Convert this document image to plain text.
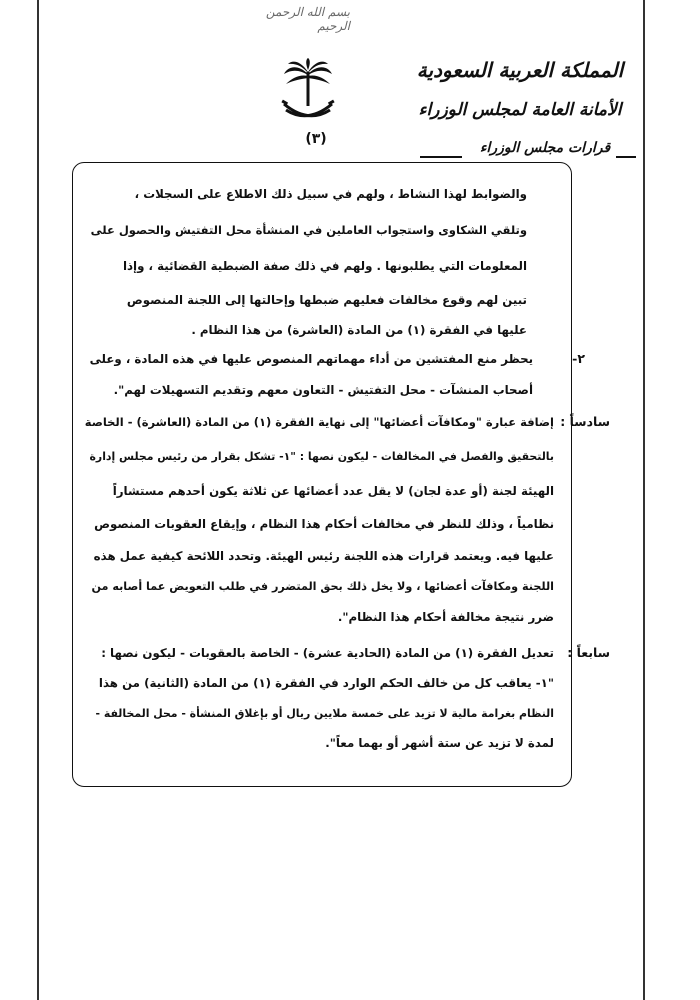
بسم الله الرحمن الرحيم
(٣)
المملكة العربية السعودية
الأمانة العامة لمجلس الوزراء
قرارات مجلس الوزراء
والضوابط لهذا النشاط ، ولهم في سبيل ذلك الاطلاع على السجلات ،
وتلقي الشكاوى واستجواب العاملين في المنشأة محل التفتيش والحصول على
المعلومات التي يطلبونها . ولهم في ذلك صفة الضبطية القضائية ، وإذا
تبين لهم وقوع مخالفات فعليهم ضبطها وإحالتها إلى اللجنة المنصوص
عليها في الفقرة (١) من المادة (العاشرة) من هذا النظام .
٢-
يحظر منع المفتشين من أداء مهماتهم المنصوص عليها في هذه المادة ، وعلى
أصحاب المنشآت - محل التفتيش - التعاون معهم وتقديم التسهيلات لهم".
سادساً :
إضافة عبارة "ومكافآت أعضائها" إلى نهاية الفقرة (١) من المادة (العاشرة) - الخاصة
بالتحقيق والفصل في المخالفات - ليكون نصها : "١- تشكل بقرار من رئيس مجلس إدارة
الهيئة لجنة (أو عدة لجان) لا يقل عدد أعضائها عن ثلاثة يكون أحدهم مستشاراً
نظامياً ، وذلك للنظر في مخالفات أحكام هذا النظام ، وإيقاع العقوبات المنصوص
عليها فيه. ويعتمد قرارات هذه اللجنة رئيس الهيئة. وتحدد اللائحة كيفية عمل هذه
اللجنة ومكافآت أعضائها ، ولا يخل ذلك بحق المتضرر في طلب التعويض عما أصابه من
ضرر نتيجة مخالفة أحكام هذا النظام".
سابعاً :
تعديل الفقرة (١) من المادة (الحادية عشرة) - الخاصة بالعقوبات - ليكون نصها :
"١- يعاقب كل من خالف الحكم الوارد في الفقرة (١) من المادة (الثانية) من هذا
النظام بغرامة مالية لا تزيد على خمسة ملايين ريال أو بإغلاق المنشأة - محل المخالفة -
لمدة لا تزيد عن ستة أشهر أو بهما معاً".
